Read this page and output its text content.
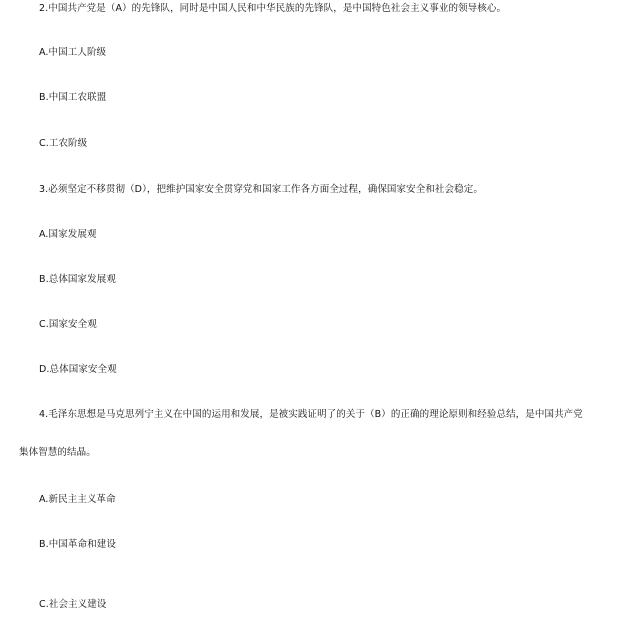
2.中国共产党是（A）的先锋队，同时是中国人民和中华民族的先锋队，是中国特色社会主义事业的领导核心。
A.中国工人阶级
B.中国工农联盟
C.工农阶级
3.必须坚定不移贯彻（D），把维护国家安全贯穿党和国家工作各方面全过程，确保国家安全和社会稳定。
A.国家发展观
B.总体国家发展观
C.国家安全观
D.总体国家安全观
4.毛泽东思想是马克思列宁主义在中国的运用和发展，是被实践证明了的关于（B）的正确的理论原则和经验总结，是中国共产党
集体智慧的结晶。
A.新民主主义革命
B.中国革命和建设
C.社会主义建设
